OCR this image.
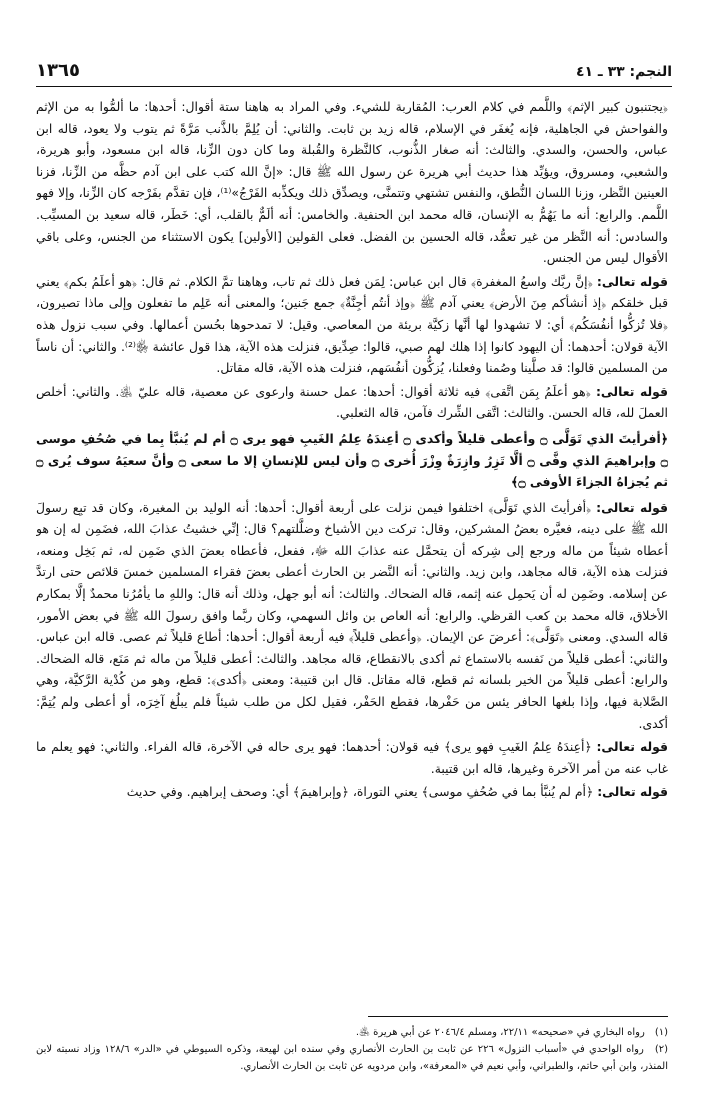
النجم: ٣٣ ـ ٤١
١٣٦٥

﴿يجتنبون كبير الإثم﴾ واللَّمم في كلام العرب: المُقاربة للشيء. وفي المراد به هاهنا ستة أقوال: أحدها: ما ألمُّوا به من الإثم والفواحش في الجاهلية، فإنه يُغفَر في الإسلام، قاله زيد بن ثابت. والثاني: أن يُلِمَّ بالذَّنب مَرَّةً ثم يتوب ولا يعود، قاله ابن عباس، والحسن، والسدي. والثالث: أنه صغار الذُّنوب، كالنَّظرة والقُبلة وما كان دون الزِّنا، قاله ابن مسعود، وأبو هريرة، والشعبي، ومسروق، ويؤيِّد هذا حديث أبي هريرة عن رسول الله ﷺ قال: «إنَّ الله كتب على ابن آدم حظَّه من الزِّنا، فزنا العينين النَّظر، وزنا اللسان النُّطق، والنفس تشتهي وتتمنَّى، ويصدِّق ذلك ويكذِّبه الفَرْجُ»⁽¹⁾، فإن تقدَّم بفَرْجه كان الزِّنا، وإلا فهو اللَّمم. والرابع: أنه ما يَهُمُّ به الإنسان، قاله محمد ابن الحنفية. والخامس: أنه ألَمٌّ بالقلب، أي: خَطَر، قاله سعيد بن المسيِّب. والسادس: أنه النَّظر من غير تعمُّد، قاله الحسين بن الفضل. فعلى القولين [الأولين] يكون الاستثناء من الجنس، وعلى باقي الأقوال ليس من الجنس.

قوله تعالى: ﴿إنَّ ربَّك واسعُ المغفرة﴾ قال ابن عباس: لِمَن فعل ذلك ثم تاب، وهاهنا تمَّ الكلام. ثم قال: ﴿هو أعلَمُ بكم﴾ يعني قبل خلقكم ﴿إذ أنشأكم مِنَ الأرض﴾ يعني آدم ﷺ ﴿وإذ أنتُم أجِنَّةٌ﴾ جمع جَنين؛ والمعنى أنه عَلِم ما تفعلون وإلى ماذا تصيرون، ﴿فلا تُزكُّوا أنفُسَكُم﴾ أي: لا تشهدوا لها أنَّها زكيَّة بريئة من المعاصي. وقيل: لا تمدحوها بحُسن أعمالها. وفي سبب نزول هذه الآية قولان: أحدهما: أن اليهود كانوا إذا هلك لهم صبي، قالوا: صِدِّيق، فنزلت هذه الآية، هذا قول عائشة ﵂⁽²⁾. والثاني: أن ناساً من المسلمين قالوا: قد صلَّينا وصُمنا وفعلنا، يُزكُّون أنفُسَهم، فنزلت هذه الآية، قاله مقاتل.

قوله تعالى: ﴿هو أعلَمُ بِمَن اتَّقى﴾ فيه ثلاثة أقوال: أحدها: عمل حسنة وارعوى عن معصية، قاله عليّ ﵁. والثاني: أخلص العملَ لله، قاله الحسن. والثالث: اتَّقى الشِّرك فآمن، قاله الثعلبي.

﴿أفرأيتَ الذي تَوَلَّى ۝ وأعطى قليلاً وأكدى ۝ أعِندَهُ عِلمُ الغَيبِ فهو يرى ۝ أم لم يُنبَّأ بِما في صُحُفِ موسى ۝ وإبراهيمَ الذي وفَّى ۝ ألَّا تَزِرُ وازِرَةٌ وِزْرَ أُخرى ۝ وأن ليس للإنسانِ إلا ما سعى ۝ وأنَّ سعيَهُ سوف يُرى ۝ ثم يُجزاهُ الجزاءَ الأوفى ۝﴾

قوله تعالى: ﴿أفرأيتَ الذي تَوَلَّى﴾ اختلفوا فيمن نزلت على أربعة أقوال: أحدها: أنه الوليد بن المغيرة، وكان قد تبِع رسولَ الله ﷺ على دينه، فعيَّره بعضُ المشركين، وقال: تركت دين الأشياخ وضلَّلتهم؟ قال: إنِّي خشيتُ عذابَ الله، فضَمِن له إن هو أعطاه شيئاً من ماله ورجع إلى شِركه أن يتحمَّل عنه عذابَ الله ﷻ، ففعل، فأعطاه بعضَ الذي ضَمِن له، ثم بَخِل ومنعه، فنزلت هذه الآية، قاله مجاهد، وابن زيد. والثاني: أنه النَّضر بن الحارث أعطى بعضَ فقراء المسلمين خمسَ قلائص حتى ارتدَّ عن إسلامه. وضَمِن له أن يَحمِل عنه إثمه، قاله الضحاك. والثالث: أنه أبو جهل، وذلك أنه قال: واللهِ ما يأمُرُنا محمدٌ إلَّا بمكارم الأخلاق، قاله محمد بن كعب القرظي. والرابع: أنه العاص بن وائل السهمي، وكان ربَّما وافق رسولَ الله ﷺ في بعض الأمور، قاله السدي. ومعنى ﴿تَوَلَّى﴾: أعرضَ عن الإيمان. ﴿وأعطى قليلاً﴾ فيه أربعة أقوال: أحدها: أطاع قليلاً ثم عصى. قاله ابن عباس. والثاني: أعطى قليلاً من نَفسه بالاستماع ثم أكدى بالانقطاع، قاله مجاهد. والثالث: أعطى قليلاً من ماله ثم مَنَع، قاله الضحاك. والرابع: أعطى قليلاً من الخير بلسانه ثم قطع، قاله مقاتل. قال ابن قتيبة: ومعنى ﴿أكدى﴾: قطع، وهو من كُدْية الرَّكيَّة، وهي الصَّلابة فيها، وإذا بلغها الحافر يئس من حَفْرها، فقطع الحَفْر، فقيل لكل من طلب شيئاً فلم يبلُغ آخِرَه، أو أعطى ولم يُتِمَّ: أكدى.

قوله تعالى: ﴿أعِندَهُ عِلمُ الغَيبِ فهو يرى﴾ فيه قولان: أحدهما: فهو يرى حاله في الآخرة، قاله الفراء. والثاني: فهو يعلم ما غاب عنه من أمر الآخرة وغيرها، قاله ابن قتيبة.

قوله تعالى: ﴿أم لم يُنبَّأ بما في صُحُفِ موسى﴾ يعني التوراة، ﴿وإبراهيمَ﴾ أي: وصحف إبراهيم. وفي حديث

(١) رواه البخاري في «صحيحه» ٢٢/١١، ومسلم ٢٠٤٦/٤ عن أبي هريرة ﵁.

(٢) رواه الواحدي في «أسباب النزول» ٢٢٦ عن ثابت بن الحارث الأنصاري وفي سنده ابن لهيعة، وذكره السيوطي في «الدر» ١٢٨/٦ وزاد نسبته لابن المنذر، وابن أبي حاتم، والطبراني، وأبي نعيم في «المعرفة»، وابن مردويه عن ثابت بن الحارث الأنصاري.
